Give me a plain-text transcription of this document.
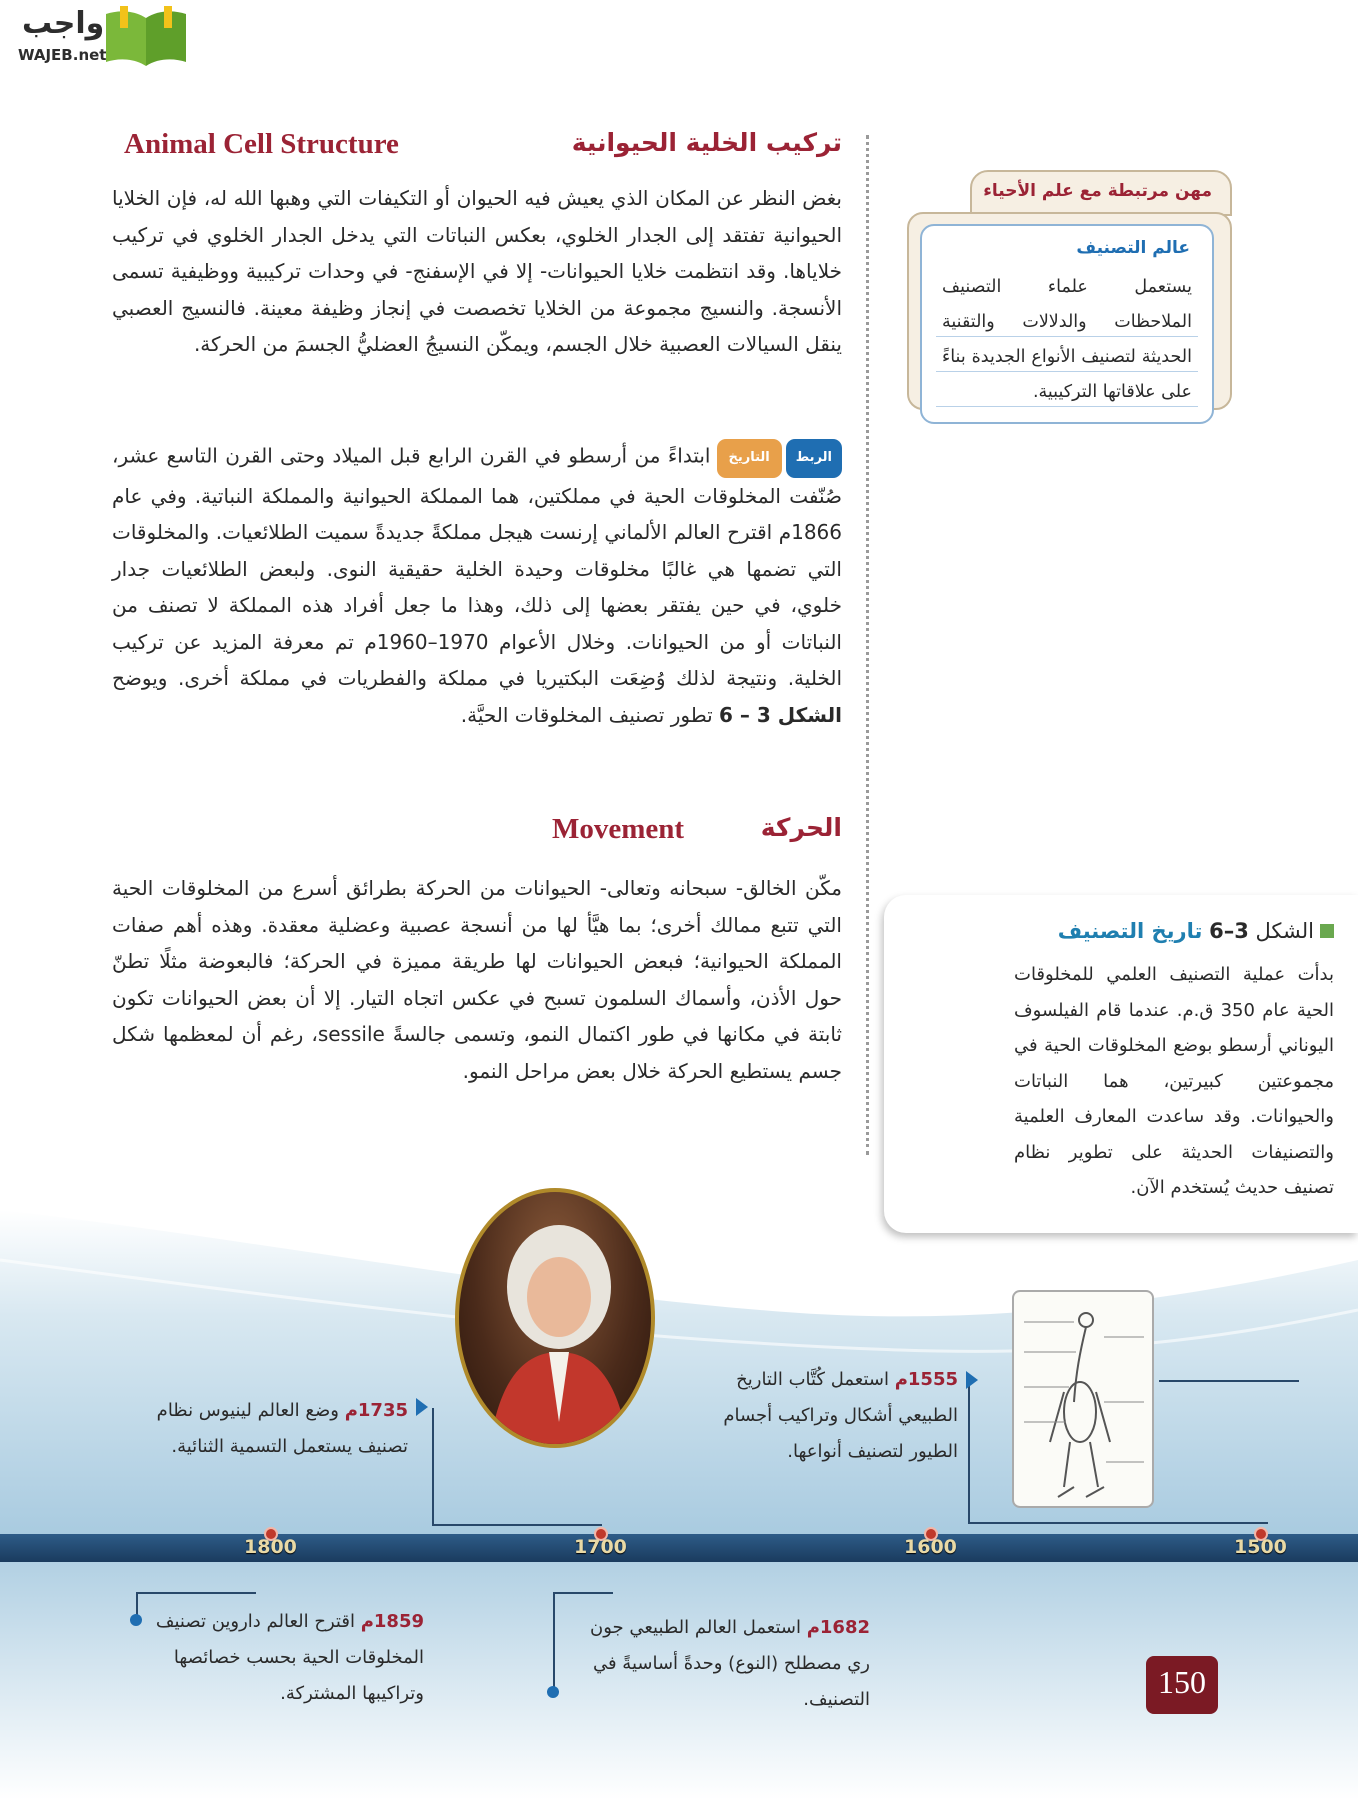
واجب
WAJEB.net
تركيب الخلية الحيوانية
Animal Cell Structure

بغض النظر عن المكان الذي يعيش فيه الحيوان أو التكيفات التي وهبها الله له، فإن الخلايا الحيوانية تفتقد إلى الجدار الخلوي، بعكس النباتات التي يدخل الجدار الخلوي في تركيب خلاياها. وقد انتظمت خلايا الحيوانات- إلا في الإسفنج- في وحدات تركيبية ووظيفية تسمى الأنسجة. والنسيج مجموعة من الخلايا تخصصت في إنجاز وظيفة معينة. فالنسيج العصبي ينقل السيالات العصبية خلال الجسم، ويمكّن النسيجُ العضليُّ الجسمَ من الحركة.

الربطالتاريخابتداءً من أرسطو في القرن الرابع قبل الميلاد وحتى القرن التاسع عشر، صُنّفت المخلوقات الحية في مملكتين، هما المملكة الحيوانية والمملكة النباتية. وفي عام 1866م اقترح العالم الألماني إرنست هيجل مملكةً جديدةً سميت الطلائعيات. والمخلوقات التي تضمها هي غالبًا مخلوقات وحيدة الخلية حقيقية النوى. ولبعض الطلائعيات جدار خلوي، في حين يفتقر بعضها إلى ذلك، وهذا ما جعل أفراد هذه المملكة لا تصنف من النباتات أو من الحيوانات. وخلال الأعوام 1970–1960م تم معرفة المزيد عن تركيب الخلية. ونتيجة لذلك وُضِعَت البكتيريا في مملكة والفطريات في مملكة أخرى. ويوضح الشكل 3 – 6 تطور تصنيف المخلوقات الحيَّة.

الحركة
Movement

مكّن الخالق- سبحانه وتعالى- الحيوانات من الحركة بطرائق أسرع من المخلوقات الحية التي تتبع ممالك أخرى؛ بما هيَّأ لها من أنسجة عصبية وعضلية معقدة. وهذه أهم صفات المملكة الحيوانية؛ فبعض الحيوانات لها طريقة مميزة في الحركة؛ فالبعوضة مثلًا تطنّ حول الأذن، وأسماك السلمون تسبح في عكس اتجاه التيار. إلا أن بعض الحيوانات تكون ثابتة في مكانها في طور اكتمال النمو، وتسمى جالسةً sessile، رغم أن لمعظمها شكل جسم يستطيع الحركة خلال بعض مراحل النمو.

مهن مرتبطة مع علم الأحياء
عالم التصنيف

يستعمل علماء التصنيف الملاحظات والدلالات والتقنية الحديثة لتصنيف الأنواع الجديدة بناءً على علاقاتها التركيبية.

الشكل 3–6 تاريخ التصنيف

بدأت عملية التصنيف العلمي للمخلوقات الحية عام 350 ق.م. عندما قام الفيلسوف اليوناني أرسطو بوضع المخلوقات الحية في مجموعتين كبيرتين، هما النباتات والحيوانات. وقد ساعدت المعارف العلمية والتصنيفات الحديثة على تطوير نظام تصنيف حديث يُستخدم الآن.

1800	1700	1600	1500

1555م استعمل كُتَّاب التاريخ الطبيعي أشكال وتراكيب أجسام الطيور لتصنيف أنواعها.

1735م وضع العالم لينيوس نظام تصنيف يستعمل التسمية الثنائية.

1682م استعمل العالم الطبيعي جون ري مصطلح (النوع) وحدةً أساسيةً في التصنيف.

1859م اقترح العالم داروين تصنيف المخلوقات الحية بحسب خصائصها وتراكيبها المشتركة.	150
